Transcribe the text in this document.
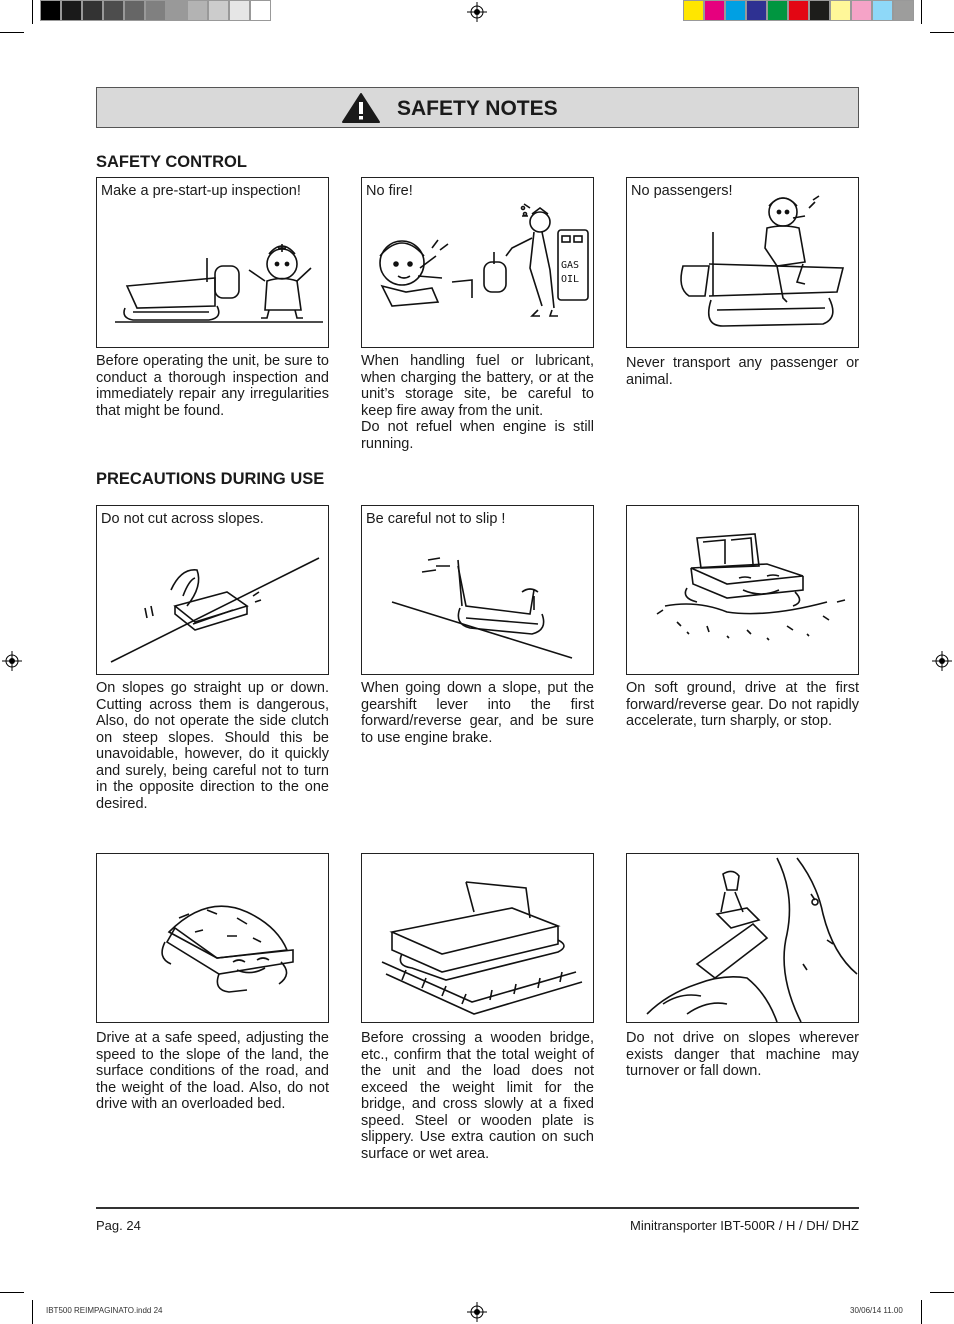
SAFETY NOTES
SAFETY CONTROL
Make a pre-start-up inspection!
Before operating the unit, be sure to conduct a thorough inspection and immediately repair any irregularities that might be found.
GAS
OIL
No fire!
When handling fuel or lubricant, when charging the battery, or at the unit’s storage site, be careful to keep fire away from the unit.
Do not refuel when engine is still running.
No passengers!
Never transport any passenger or animal.
PRECAUTIONS DURING USE
Do not cut across slopes.
On slopes go straight up or down. Cutting across them is dangerous, Also, do not operate the side clutch on steep slopes. Should this be unavoidable, however, do it quickly and surely, being careful not to turn in the opposite direction to the one desired.
Be careful not to slip !
When going down a slope, put the gearshift lever into the first forward/reverse gear, and be sure to use engine brake.
On soft ground, drive at the first forward/reverse gear. Do not rapidly accelerate, turn sharply, or stop.
Drive at a safe speed, adjusting the speed to the slope of the land, the surface conditions of the road, and the weight of the load. Also, do not drive with an overloaded bed.
Before crossing a wooden bridge, etc., confirm that the total weight of the unit and the load does not exceed the weight limit for the bridge, and cross slowly at a fixed speed. Steel or wooden plate is slippery. Use extra caution on such surface or wet area.
Do not drive on slopes wherever exists danger that machine may turnover or fall down.
Pag. 24	Minitransporter IBT-500R / H / DH/ DHZ
IBT500 REIMPAGINATO.indd 24	30/06/14 11.00
